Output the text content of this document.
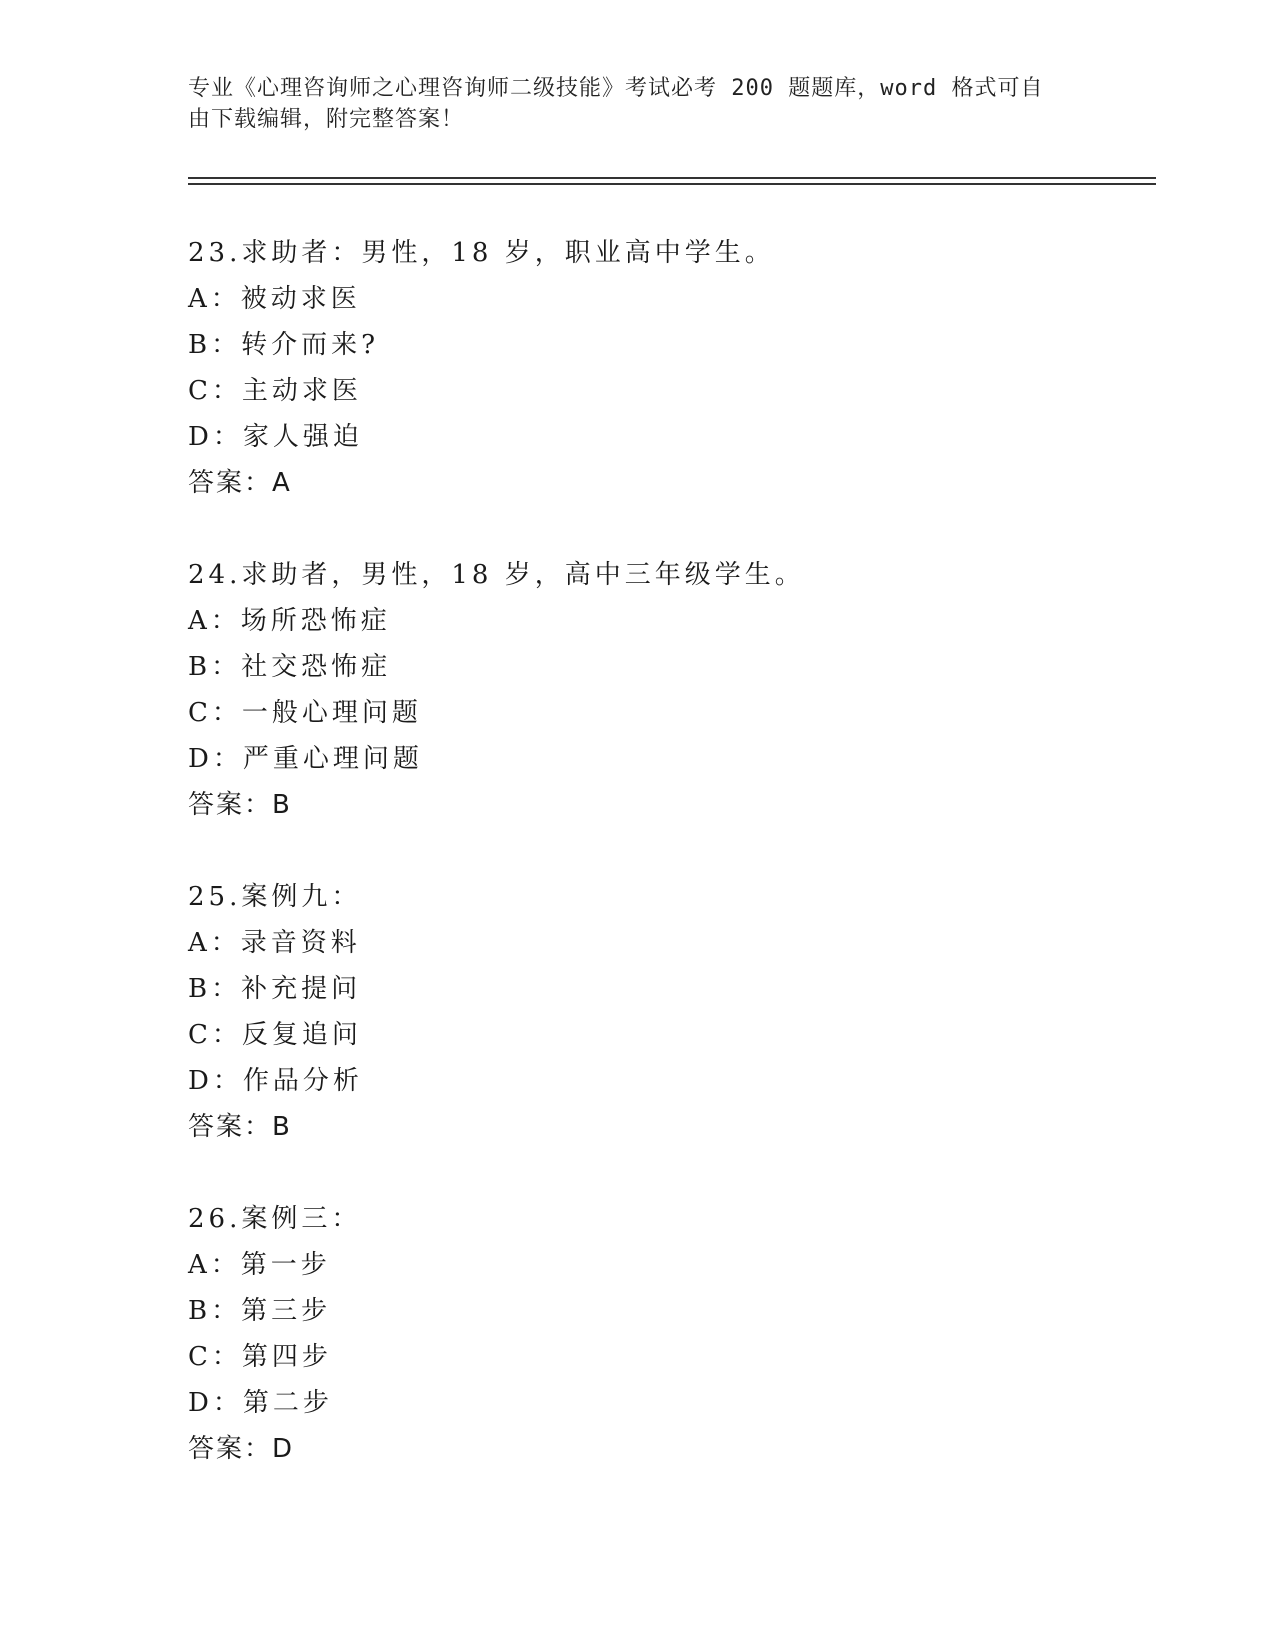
专业《心理咨询师之心理咨询师二级技能》考试必考 200 题题库，word 格式可自
由下载编辑，附完整答案！
23.求助者：男性，18 岁，职业高中学生。
A：被动求医
B：转介而来?
C：主动求医
D：家人强迫
答案：A
24.求助者，男性，18 岁，高中三年级学生。
A：场所恐怖症
B：社交恐怖症
C：一般心理问题
D：严重心理问题
答案：B
25.案例九：
A：录音资料
B：补充提问
C：反复追问
D：作品分析
答案：B
26.案例三：
A：第一步
B：第三步
C：第四步
D：第二步
答案：D
